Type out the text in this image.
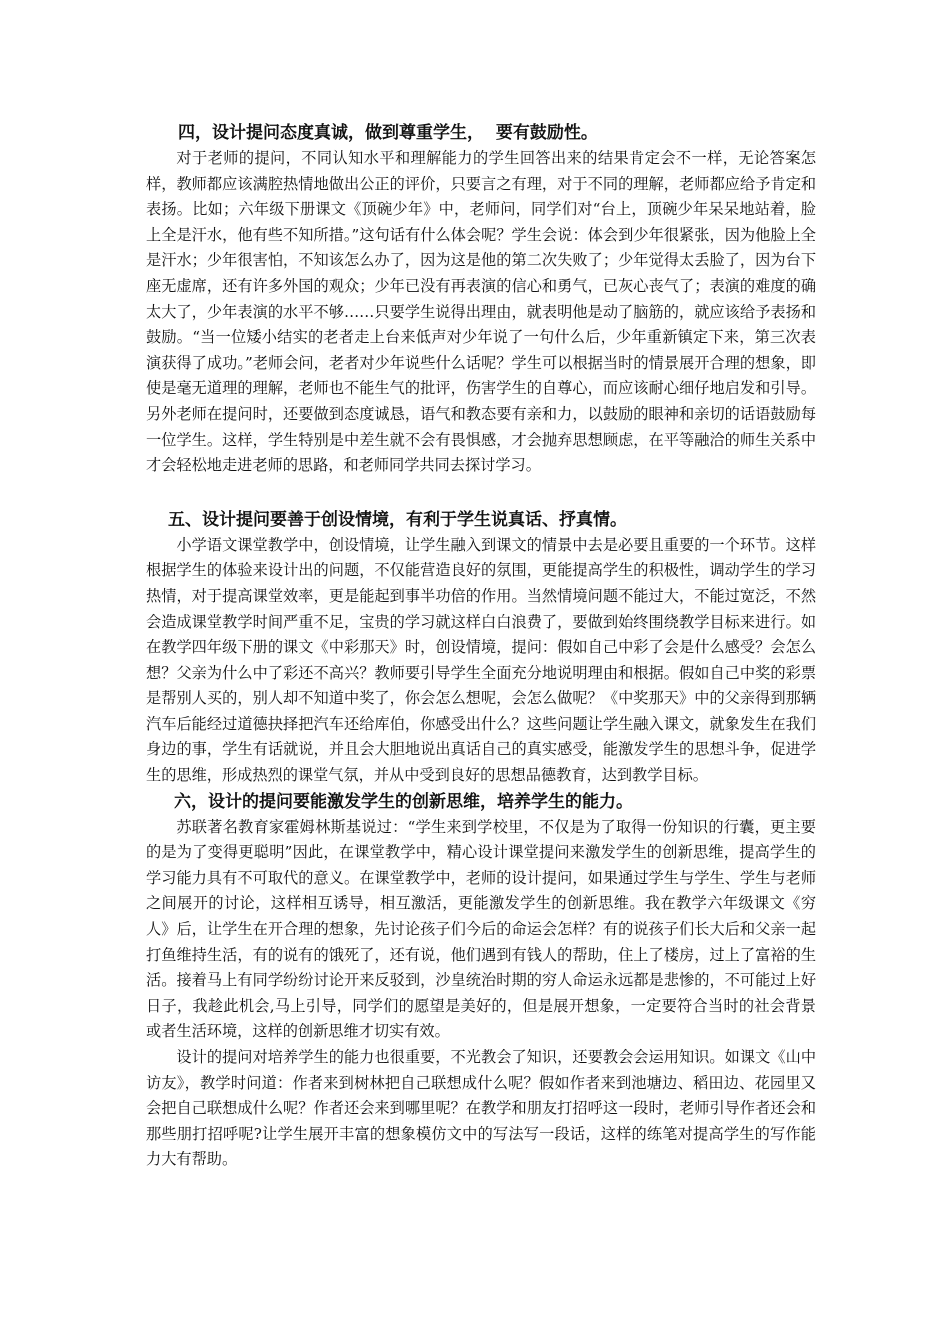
四，设计提问态度真诚，做到尊重学生，  要有鼓励性。

对于老师的提问，不同认知水平和理解能力的学生回答出来的结果肯定会不一样，无论答案怎样，教师都应该满腔热情地做出公正的评价，只要言之有理，对于不同的理解，老师都应给予肯定和表扬。比如；六年级下册课文《顶碗少年》中，老师问，同学们对“台上，顶碗少年呆呆地站着，脸上全是汗水，他有些不知所措。”这句话有什么体会呢？学生会说：体会到少年很紧张，因为他脸上全是汗水；少年很害怕，不知该怎么办了，因为这是他的第二次失败了；少年觉得太丢脸了，因为台下座无虚席，还有许多外国的观众；少年已没有再表演的信心和勇气，已灰心丧气了；表演的难度的确太大了，少年表演的水平不够……只要学生说得出理由，就表明他是动了脑筋的，就应该给予表扬和鼓励。“当一位矮小结实的老者走上台来低声对少年说了一句什么后，少年重新镇定下来，第三次表演获得了成功。”老师会问，老者对少年说些什么话呢？学生可以根据当时的情景展开合理的想象，即使是毫无道理的理解，老师也不能生气的批评，伤害学生的自尊心，而应该耐心细仔地启发和引导。另外老师在提问时，还要做到态度诚恳，语气和教态要有亲和力，以鼓励的眼神和亲切的话语鼓励每一位学生。这样，学生特别是中差生就不会有畏惧感，才会抛弃思想顾虑，在平等融洽的师生关系中才会轻松地走进老师的思路，和老师同学共同去探讨学习。

五、设计提问要善于创设情境，有利于学生说真话、抒真情。

小学语文课堂教学中，创设情境，让学生融入到课文的情景中去是必要且重要的一个环节。这样根据学生的体验来设计出的问题，不仅能营造良好的氛围，更能提高学生的积极性，调动学生的学习热情，对于提高课堂效率，更是能起到事半功倍的作用。当然情境问题不能过大，不能过宽泛，不然会造成课堂教学时间严重不足，宝贵的学习就这样白白浪费了，要做到始终围绕教学目标来进行。如在教学四年级下册的课文《中彩那天》时，创设情境，提问：假如自己中彩了会是什么感受？会怎么想？父亲为什么中了彩还不高兴？教师要引导学生全面充分地说明理由和根据。假如自己中奖的彩票是帮别人买的，别人却不知道中奖了，你会怎么想呢，会怎么做呢？《中奖那天》中的父亲得到那辆汽车后能经过道德抉择把汽车还给库伯，你感受出什么？这些问题让学生融入课文，就象发生在我们身边的事，学生有话就说，并且会大胆地说出真话自己的真实感受，能激发学生的思想斗争，促进学生的思维，形成热烈的课堂气氛，并从中受到良好的思想品德教育，达到教学目标。

六，设计的提问要能激发学生的创新思维，培养学生的能力。

苏联著名教育家霍姆林斯基说过：“学生来到学校里，不仅是为了取得一份知识的行囊，更主要的是为了变得更聪明”因此，在课堂教学中，精心设计课堂提问来激发学生的创新思维，提高学生的学习能力具有不可取代的意义。在课堂教学中，老师的设计提问，如果通过学生与学生、学生与老师之间展开的讨论，这样相互诱导，相互激活，更能激发学生的创新思维。我在教学六年级课文《穷人》后，让学生在开合理的想象，先讨论孩子们今后的命运会怎样？有的说孩子们长大后和父亲一起打鱼维持生活，有的说有的饿死了，还有说，他们遇到有钱人的帮助，住上了楼房，过上了富裕的生活。接着马上有同学纷纷讨论开来反驳到，沙皇统治时期的穷人命运永远都是悲惨的，不可能过上好日子，我趁此机会,马上引导，同学们的愿望是美好的，但是展开想象，一定要符合当时的社会背景或者生活环境，这样的创新思维才切实有效。

设计的提问对培养学生的能力也很重要，不光教会了知识，还要教会会运用知识。如课文《山中访友》，教学时问道：作者来到树林把自己联想成什么呢？假如作者来到池塘边、稻田边、花园里又会把自己联想成什么呢？作者还会来到哪里呢？在教学和朋友打招呼这一段时，老师引导作者还会和那些朋打招呼呢?让学生展开丰富的想象模仿文中的写法写一段话，这样的练笔对提高学生的写作能力大有帮助。
